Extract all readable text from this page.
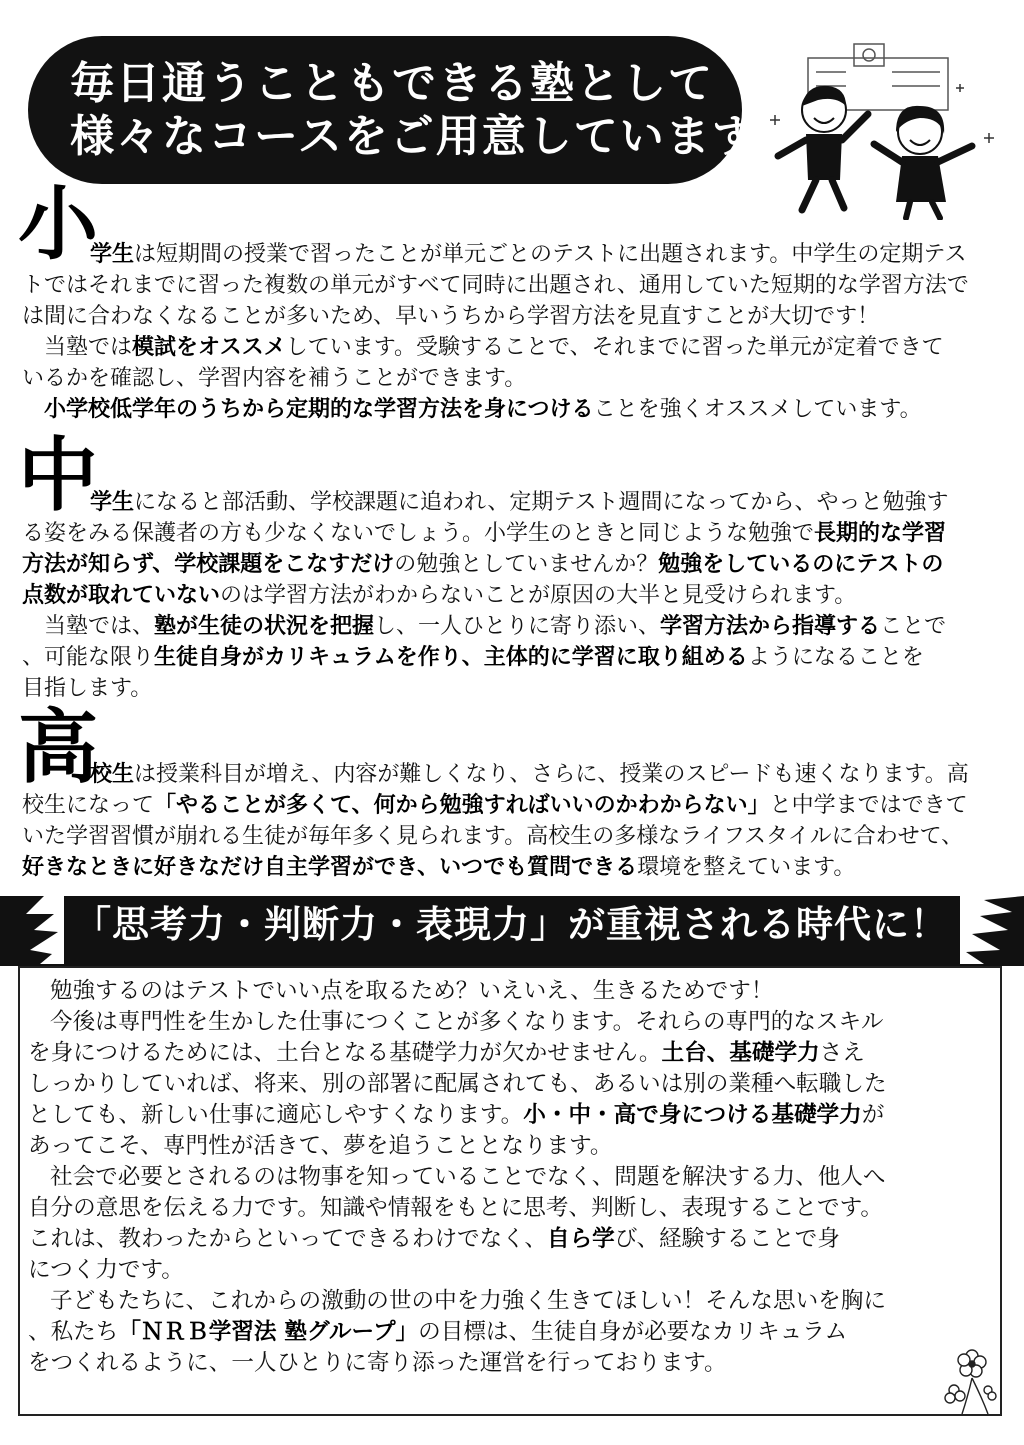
毎日通うこともできる塾として
様々なコースをご用意しています
小
学生は短期間の授業で習ったことが単元ごとのテストに出題されます。中学生の定期テス
トではそれまでに習った複数の単元がすべて同時に出題され、通用していた短期的な学習方法で
は間に合わなくなることが多いため、早いうちから学習方法を見直すことが大切です！
当塾では模試をオススメしています。受験することで、それまでに習った単元が定着できて
いるかを確認し、学習内容を補うことができます。
小学校低学年のうちから定期的な学習方法を身につけることを強くオススメしています。
中
学生になると部活動、学校課題に追われ、定期テスト週間になってから、やっと勉強す
る姿をみる保護者の方も少なくないでしょう。小学生のときと同じような勉強で長期的な学習
方法が知らず、学校課題をこなすだけの勉強としていませんか？勉強をしているのにテストの
点数が取れていないのは学習方法がわからないことが原因の大半と見受けられます。
当塾では、塾が生徒の状況を把握し、一人ひとりに寄り添い、学習方法から指導することで
、可能な限り生徒自身がカリキュラムを作り、主体的に学習に取り組めるようになることを
目指します。
高
校生は授業科目が増え、内容が難しくなり、さらに、授業のスピードも速くなります。高
校生になって「やることが多くて、何から勉強すればいいのかわからない」と中学まではできて
いた学習習慣が崩れる生徒が毎年多く見られます。高校生の多様なライフスタイルに合わせて、
好きなときに好きなだけ自主学習ができ、いつでも質問できる環境を整えています。
「思考力・判断力・表現力」が重視される時代に！
勉強するのはテストでいい点を取るため？いえいえ、生きるためです！
今後は専門性を生かした仕事につくことが多くなります。それらの専門的なスキル
を身につけるためには、土台となる基礎学力が欠かせません。土台、基礎学力さえ
しっかりしていれば、将来、別の部署に配属されても、あるいは別の業種へ転職した
としても、新しい仕事に適応しやすくなります。小・中・高で身につける基礎学力が
あってこそ、専門性が活きて、夢を追うこととなります。
社会で必要とされるのは物事を知っていることでなく、問題を解決する力、他人へ
自分の意思を伝える力です。知識や情報をもとに思考、判断し、表現することです。
これは、教わったからといってできるわけでなく、自ら学び、経験することで身
につく力です。
子どもたちに、これからの激動の世の中を力強く生きてほしい！そんな思いを胸に
、私たち「ＮＲＢ学習法 塾グループ」の目標は、生徒自身が必要なカリキュラム
をつくれるように、一人ひとりに寄り添った運営を行っております。
